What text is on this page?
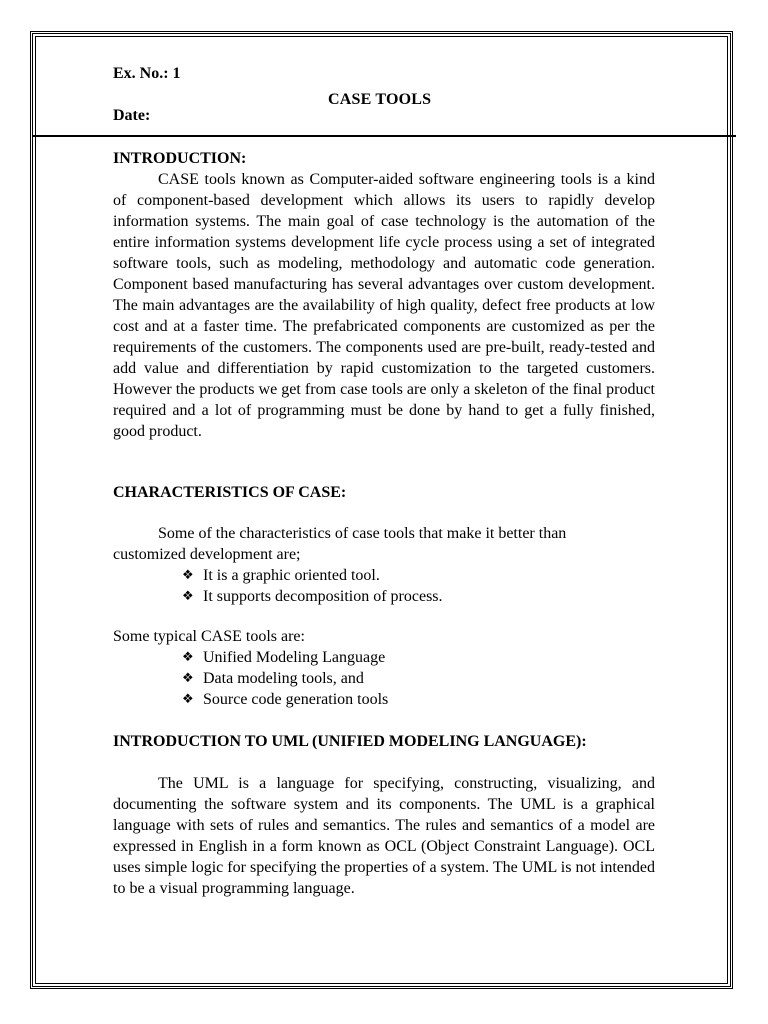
Ex. No.: 1
CASE TOOLS
Date:

INTRODUCTION:

CASE tools known as Computer-aided software engineering tools is a kind of component-based development which allows its users to rapidly develop information systems. The main goal of case technology is the automation of the entire information systems development life cycle process using a set of integrated software tools, such as modeling, methodology and automatic code generation. Component based manufacturing has several advantages over custom development. The main advantages are the availability of high quality, defect free products at low cost and at a faster time. The prefabricated components are customized as per the requirements of the customers. The components used are pre-built, ready-tested and add value and differentiation by rapid customization to the targeted customers. However the products we get from case tools are only a skeleton of the final product required and a lot of programming must be done by hand to get a fully finished, good product.

CHARACTERISTICS OF CASE:

Some of the characteristics of case tools that make it better than customized development are;

❖ It is a graphic oriented tool.
❖ It supports decomposition of process.

Some typical CASE tools are:

❖ Unified Modeling Language
❖ Data modeling tools, and
❖ Source code generation tools

INTRODUCTION TO UML (UNIFIED MODELING LANGUAGE):

The UML is a language for specifying, constructing, visualizing, and documenting the software system and its components. The UML is a graphical language with sets of rules and semantics. The rules and semantics of a model are expressed in English in a form known as OCL (Object Constraint Language). OCL uses simple logic for specifying the properties of a system. The UML is not intended to be a visual programming language.
